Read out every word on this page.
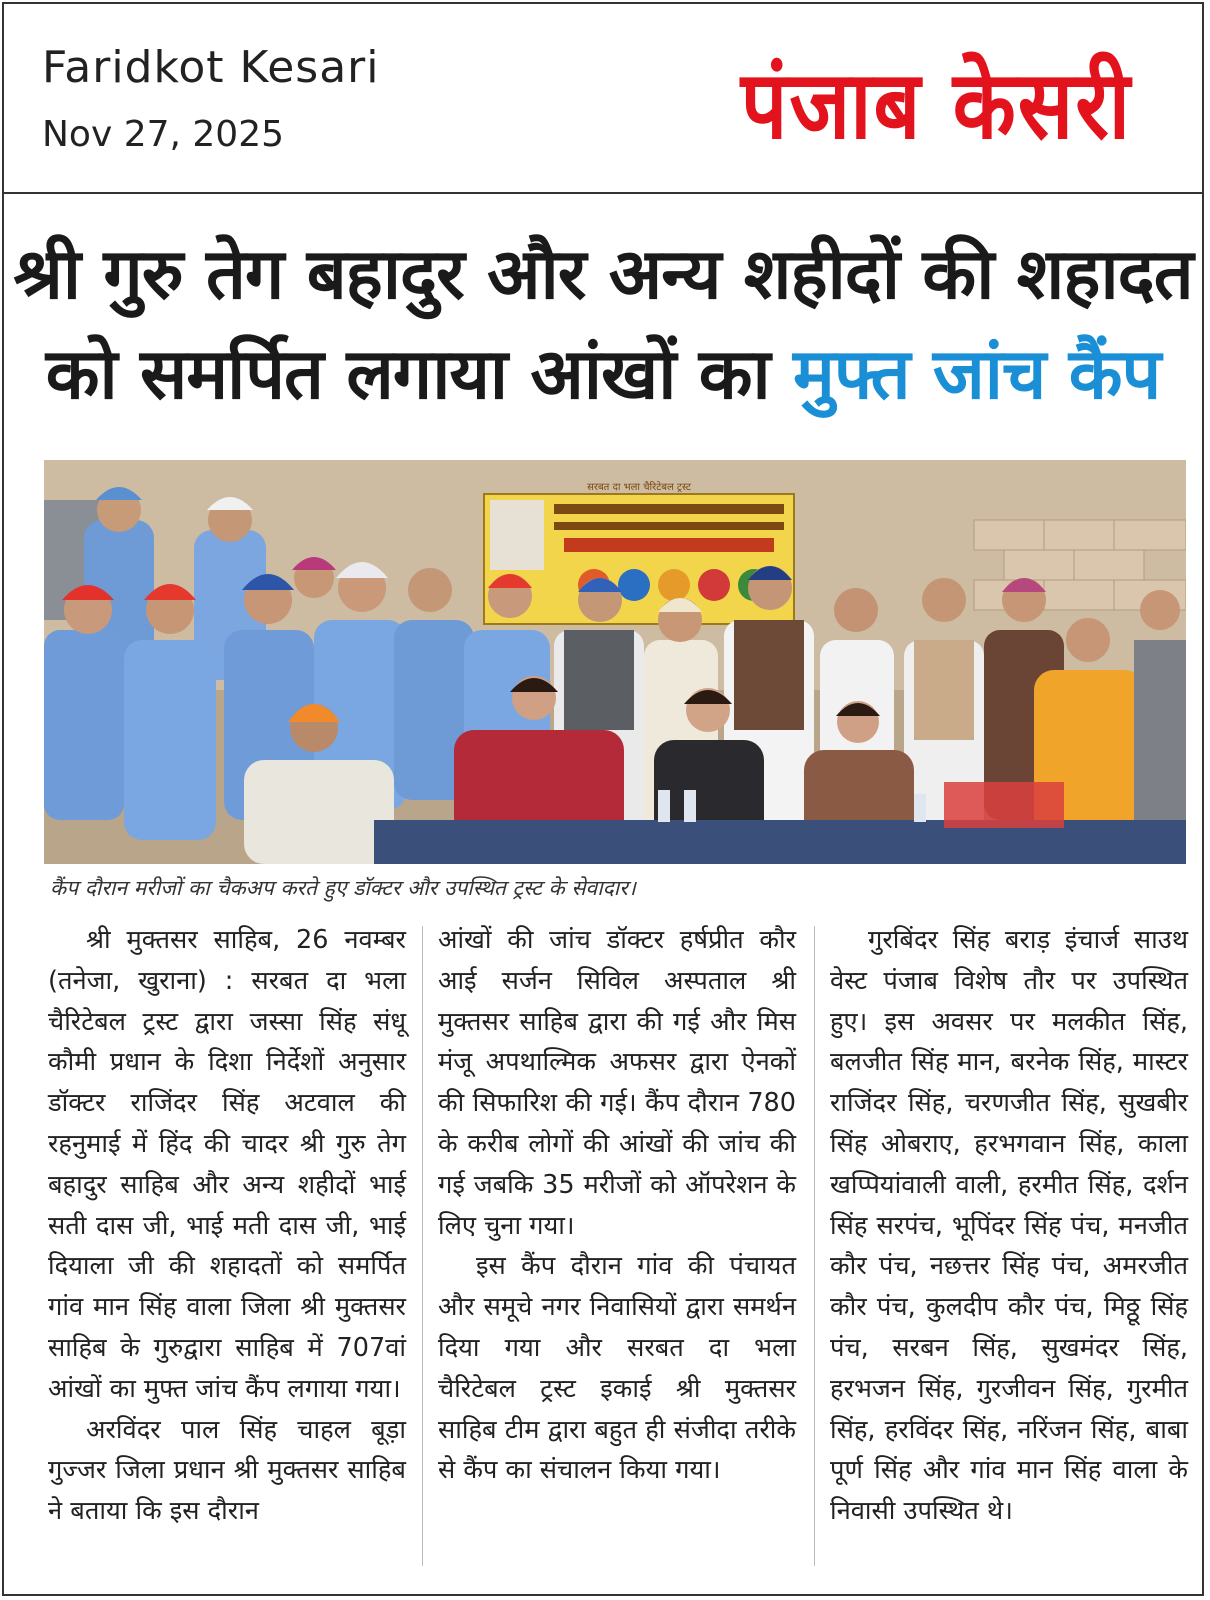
Faridkot Kesari
Nov 27, 2025	पंजाब केसरी
श्री गुरु तेग बहादुर और अन्य शहीदों की शहादत
को समर्पित लगाया आंखों का मुफ्त जांच कैंप
सरबत दा भला चैरिटेबल ट्रस्ट
कैंप दौरान मरीजों का चैकअप करते हुए डॉक्टर और उपस्थित ट्रस्ट के सेवादार।

श्री मुक्तसर साहिब, 26 नवम्बर (तनेजा, खुराना) : सरबत दा भला चैरिटेबल ट्रस्ट द्वारा जस्सा सिंह संधू कौमी प्रधान के दिशा निर्देशों अनुसार डॉक्टर राजिंदर सिंह अटवाल की रहनुमाई में हिंद की चादर श्री गुरु तेग बहादुर साहिब और अन्य शहीदों भाई सती दास जी, भाई मती दास जी, भाई दियाला जी की शहादतों को समर्पित गांव मान सिंह वाला जिला श्री मुक्तसर साहिब के गुरुद्वारा साहिब में 707वां आंखों का मुफ्त जांच कैंप लगाया गया।

अरविंदर पाल सिंह चाहल बूड़ा गुज्जर जिला प्रधान श्री मुक्तसर साहिब ने बताया कि इस दौरान

आंखों की जांच डॉक्टर हर्षप्रीत कौर आई सर्जन सिविल अस्पताल श्री मुक्तसर साहिब द्वारा की गई और मिस मंजू अपथाल्मिक अफसर द्वारा ऐनकों की सिफारिश की गई। कैंप दौरान 780 के करीब लोगों की आंखों की जांच की गई जबकि 35 मरीजों को ऑपरेशन के लिए चुना गया।

इस कैंप दौरान गांव की पंचायत और समूचे नगर निवासियों द्वारा समर्थन दिया गया और सरबत दा भला चैरिटेबल ट्रस्ट इकाई श्री मुक्तसर साहिब टीम द्वारा बहुत ही संजीदा तरीके से कैंप का संचालन किया गया।

गुरबिंदर सिंह बराड़ इंचार्ज साउथ वेस्ट पंजाब विशेष तौर पर उपस्थित हुए। इस अवसर पर मलकीत सिंह, बलजीत सिंह मान, बरनेक सिंह, मास्टर राजिंदर सिंह, चरणजीत सिंह, सुखबीर सिंह ओबराए, हरभगवान सिंह, काला खप्पियांवाली वाली, हरमीत सिंह, दर्शन सिंह सरपंच, भूपिंदर सिंह पंच, मनजीत कौर पंच, नछत्तर सिंह पंच, अमरजीत कौर पंच, कुलदीप कौर पंच, मिठ्ठू सिंह पंच, सरबन सिंह, सुखमंदर सिंह, हरभजन सिंह, गुरजीवन सिंह, गुरमीत सिंह, हरविंदर सिंह, नरिंजन सिंह, बाबा पूर्ण सिंह और गांव मान सिंह वाला के निवासी उपस्थित थे।
